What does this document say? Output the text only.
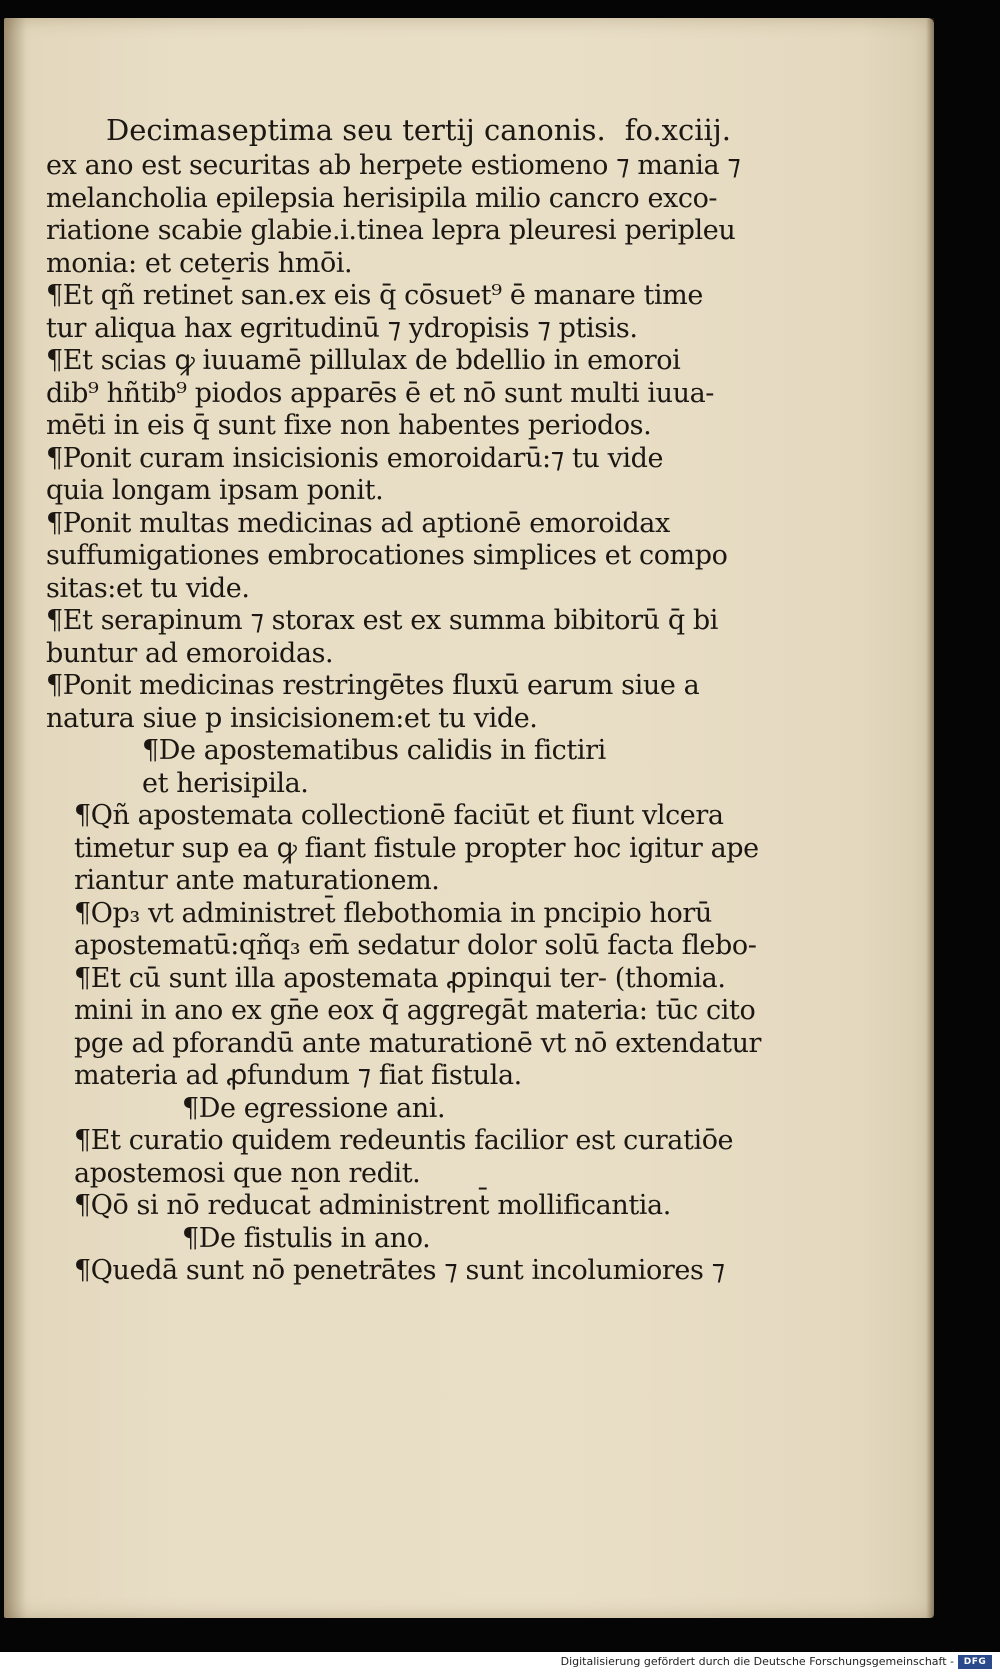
Decimaseptima seu tertij canonis. fo.xciij.
ex ano est securitas ab herpete estiomeno ⁊ mania ⁊
melancholia epilepsia herisipila milio cancro exco-
riatione scabie glabie.i.tinea lepra pleuresi peripleu
monia: et ceteris hmōi.
¶Et qñ retinet̄ san.ex eis q̄ cōsuet⁹ ē manare time
tur aliqua hax egritudinū ⁊ ydropisis ⁊ ptisis.
¶Et scias ꝙ iuuamē pillulax de bdellio in emoroi
dib⁹ hñtib⁹ piodos apparēs ē et nō sunt multi iuua-
mēti in eis q̄ sunt fixe non habentes periodos.
¶Ponit curam insicisionis emoroidarū:⁊ tu vide
quia longam ipsam ponit.
¶Ponit multas medicinas ad aptionē emoroidax
suffumigationes embrocationes simplices et compo
sitas:et tu vide.
¶Et serapinum ⁊ storax est ex summa bibitorū q̄ bi
buntur ad emoroidas.
¶Ponit medicinas restringētes fluxū earum siue a
natura siue p insicisionem:et tu vide.
¶De apostematibus calidis in fictiri
et herisipila.
¶Qñ apostemata collectionē faciūt et fiunt vlcera
timetur sup ea ꝙ fiant fistule propter hoc igitur ape
riantur ante maturationem.
¶Op₃ vt administret̄ flebothomia in pncipio horū
apostematū:qñq₃ em̄ sedatur dolor solū facta flebo-
¶Et cū sunt illa apostemata ꝓpinqui ter- (thomia.
mini in ano ex gn̄e eox q̄ aggregāt materia: tūc cito
pge ad pforandū ante maturationē vt nō extendatur
materia ad ꝓfundum ⁊ fiat fistula.
¶De egressione ani.
¶Et curatio quidem redeuntis facilior est curatiōe
apostemosi que non redit.
¶Qō si nō reducat̄ administrent̄ mollificantia.
¶De fistulis in ano.
¶Quedā sunt nō penetrātes ⁊ sunt incolumiores ⁊
Digitalisierung gefördert durch die Deutsche Forschungsgemeinschaft -	DFG
